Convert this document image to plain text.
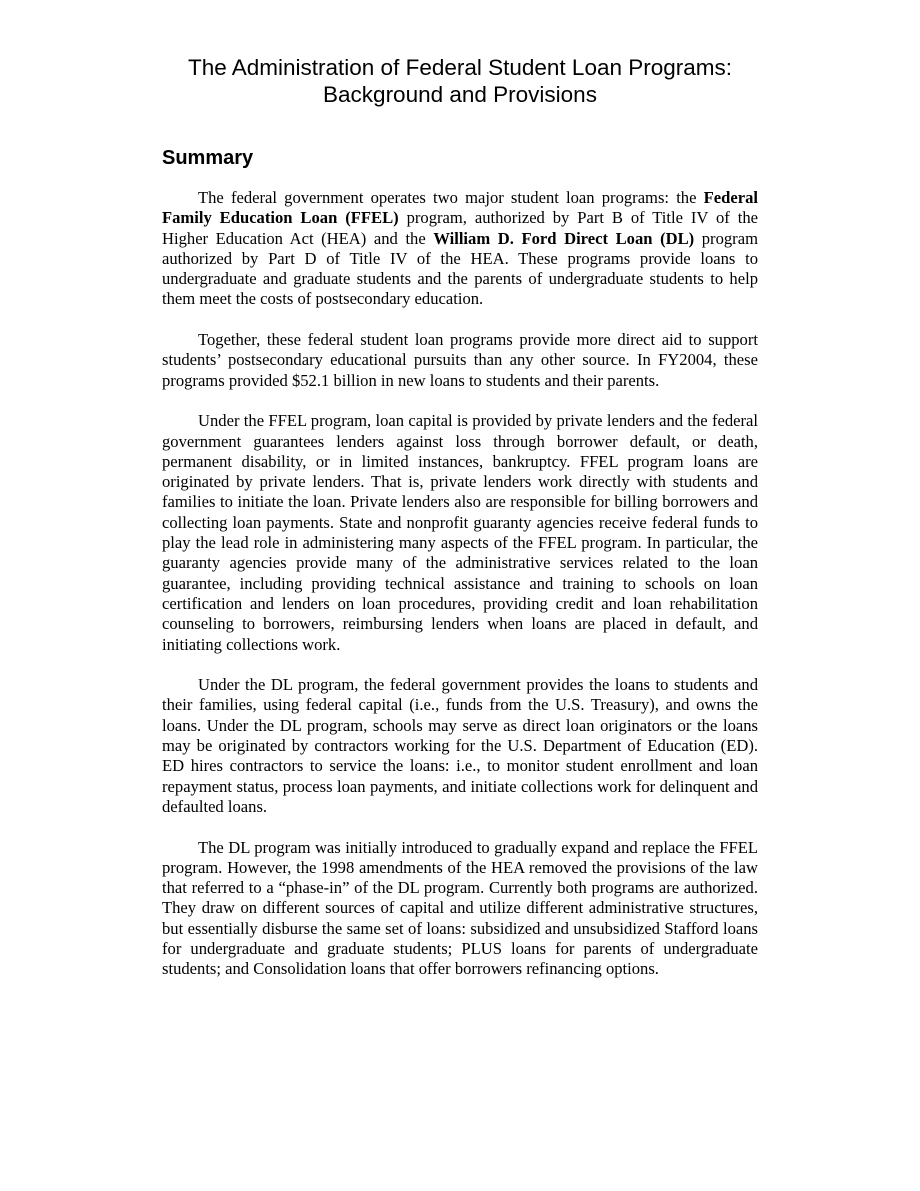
The Administration of Federal Student Loan Programs:
Background and Provisions
Summary

The federal government operates two major student loan programs: the Federal Family Education Loan (FFEL) program, authorized by Part B of Title IV of the Higher Education Act (HEA) and the William D. Ford Direct Loan (DL) program authorized by Part D of Title IV of the HEA. These programs provide loans to undergraduate and graduate students and the parents of undergraduate students to help them meet the costs of postsecondary education.

Together, these federal student loan programs provide more direct aid to support students’ postsecondary educational pursuits than any other source. In FY2004, these programs provided $52.1 billion in new loans to students and their parents.

Under the FFEL program, loan capital is provided by private lenders and the federal government guarantees lenders against loss through borrower default, or death, permanent disability, or in limited instances, bankruptcy. FFEL program loans are originated by private lenders. That is, private lenders work directly with students and families to initiate the loan. Private lenders also are responsible for billing borrowers and collecting loan payments. State and nonprofit guaranty agencies receive federal funds to play the lead role in administering many aspects of the FFEL program. In particular, the guaranty agencies provide many of the administrative services related to the loan guarantee, including providing technical assistance and training to schools on loan certification and lenders on loan procedures, providing credit and loan rehabilitation counseling to borrowers, reimbursing lenders when loans are placed in default, and initiating collections work.

Under the DL program, the federal government provides the loans to students and their families, using federal capital (i.e., funds from the U.S. Treasury), and owns the loans. Under the DL program, schools may serve as direct loan originators or the loans may be originated by contractors working for the U.S. Department of Education (ED). ED hires contractors to service the loans: i.e., to monitor student enrollment and loan repayment status, process loan payments, and initiate collections work for delinquent and defaulted loans.

The DL program was initially introduced to gradually expand and replace the FFEL program. However, the 1998 amendments of the HEA removed the provisions of the law that referred to a “phase-in” of the DL program. Currently both programs are authorized. They draw on different sources of capital and utilize different administrative structures, but essentially disburse the same set of loans: subsidized and unsubsidized Stafford loans for undergraduate and graduate students; PLUS loans for parents of undergraduate students; and Consolidation loans that offer borrowers refinancing options.
